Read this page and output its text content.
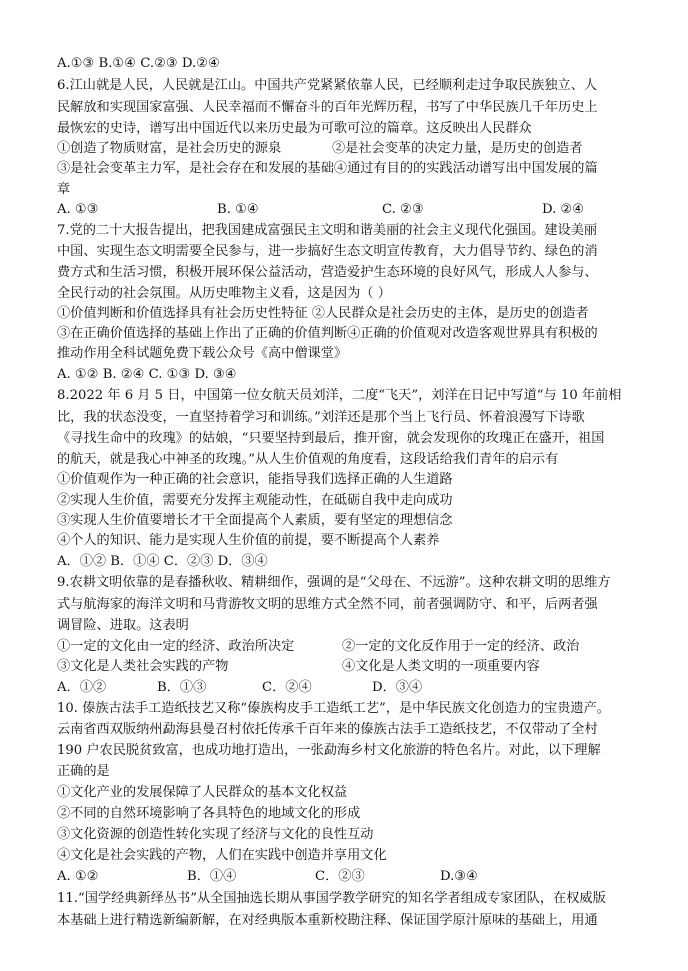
A.①③ B.①④ C.②③ D.②④
6.江山就是人民，人民就是江山。中国共产党紧紧依靠人民，已经顺利走过争取民族独立、人
民解放和实现国家富强、人民幸福而不懈奋斗的百年光辉历程，书写了中华民族几千年历史上
最恢宏的史诗，谱写出中国近代以来历史最为可歌可泣的篇章。这反映出人民群众
①创造了物质财富，是社会历史的源泉	②是社会变革的决定力量，是历史的创造者
③是社会变革主力军，是社会存在和发展的基础④通过有目的的实践活动谱写出中国发展的篇
章
A. ①③	B. ①④	C. ②③	D. ②④
7.党的二十大报告提出，把我国建成富强民主文明和谐美丽的社会主义现代化强国。建设美丽
中国、实现生态文明需要全民参与，进一步搞好生态文明宣传教育，大力倡导节约、绿色的消
费方式和生活习惯，积极开展环保公益活动，营造爱护生态环境的良好风气，形成人人参与、
全民行动的社会氛围。从历史唯物主义看，这是因为（ ）
①价值判断和价值选择具有社会历史性特征 ②人民群众是社会历史的主体，是历史的创造者
③在正确价值选择的基础上作出了正确的价值判断④正确的价值观对改造客观世界具有积极的
推动作用全科试题免费下载公众号《高中僧课堂》
A. ①② B. ②④ C. ①③ D. ③④
8.2022 年 6 月 5 日，中国第一位女航天员刘洋，二度“飞天”，刘洋在日记中写道“与 10 年前相
比，我的状态没变，一直坚持着学习和训练。”刘洋还是那个当上飞行员、怀着浪漫写下诗歌
《寻找生命中的玫瑰》的姑娘，“只要坚持到最后，推开窗，就会发现你的玫瑰正在盛开，祖国
的航天，就是我心中神圣的玫瑰。”从人生价值观的角度看，这段话给我们青年的启示有
①价值观作为一种正确的社会意识，能指导我们选择正确的人生道路
②实现人生价值，需要充分发挥主观能动性，在砥砺自我中走向成功
③实现人生价值要增长才干全面提高个人素质，要有坚定的理想信念
④个人的知识、能力是实现人生价值的前提，要不断提高个人素养
A．①② B．①④ C．②③ D．③④
9.农耕文明依靠的是春播秋收、精耕细作，强调的是“父母在、不远游”。这种农耕文明的思维方
式与航海家的海洋文明和马背游牧文明的思维方式全然不同，前者强调防守、和平，后两者强
调冒险、进取。这表明
①一定的文化由一定的经济、政治所决定	②一定的文化反作用于一定的经济、政治
③文化是人类社会实践的产物	④文化是人类文明的一项重要内容
A．①②	B．①③	C．②④	D．③④
10. 傣族古法手工造纸技艺又称“傣族构皮手工造纸工艺”，是中华民族文化创造力的宝贵遗产。
云南省西双版纳州勐海县曼召村依托传承千百年来的傣族古法手工造纸技艺，不仅带动了全村
190 户农民脱贫致富，也成功地打造出，一张勐海乡村文化旅游的特色名片。对此，以下理解
正确的是
①文化产业的发展保障了人民群众的基本文化权益
②不同的自然环境影响了各具特色的地域文化的形成
③文化资源的创造性转化实现了经济与文化的良性互动
④文化是社会实践的产物，人们在实践中创造并享用文化
A. ①②	B．①④	C．②③	D.③④
11.“国学经典新绎丛书”从全国抽选长期从事国学教学研究的知名学者组成专家团队，在权威版
本基础上进行精选新编新解，在对经典版本重新校勘注释、保证国学原汁原味的基础上，用通
